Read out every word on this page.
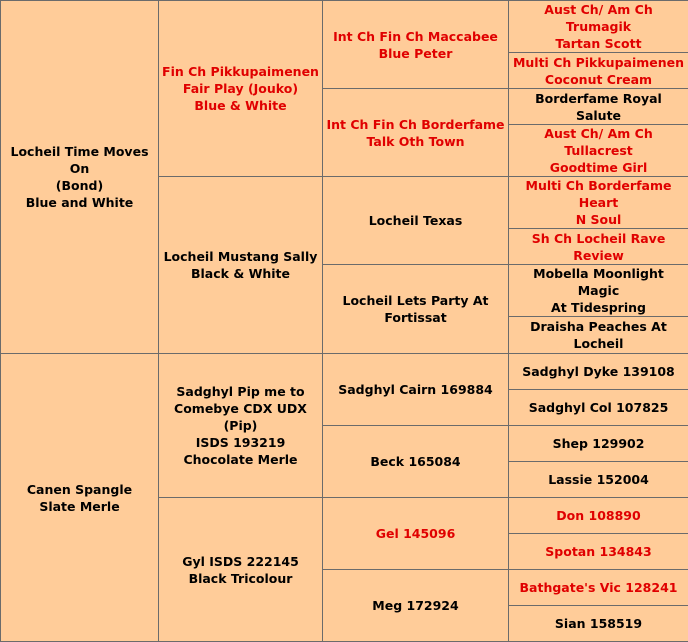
Locheil Time Moves On
(Bond)
Blue and White	Fin Ch Pikkupaimenen
Fair Play (Jouko)
Blue & White	Int Ch Fin Ch Maccabee
Blue Peter	Aust Ch/ Am Ch Trumagik
Tartan Scott

			Multi Ch Pikkupaimenen
Coconut Cream

		Int Ch Fin Ch Borderfame
Talk Oth Town	Borderfame Royal Salute

			Aust Ch/ Am Ch Tullacrest
Goodtime Girl

	Locheil Mustang Sally
Black & White	Locheil Texas	Multi Ch Borderfame Heart
N Soul

			Sh Ch Locheil Rave
Review

		Locheil Lets Party At
Fortissat	Mobella Moonlight Magic
At Tidespring

			Draisha Peaches At Locheil

Canen Spangle
Slate Merle	Sadghyl Pip me to
Comebye CDX UDX (Pip)
ISDS 193219
Chocolate Merle	Sadghyl Cairn 169884	Sadghyl Dyke 139108

			Sadghyl Col 107825

		Beck 165084	Shep 129902

			Lassie 152004

	Gyl ISDS 222145
Black Tricolour	Gel 145096	Don 108890

			Spotan 134843

		Meg 172924	Bathgate's Vic 128241

			Sian 158519
